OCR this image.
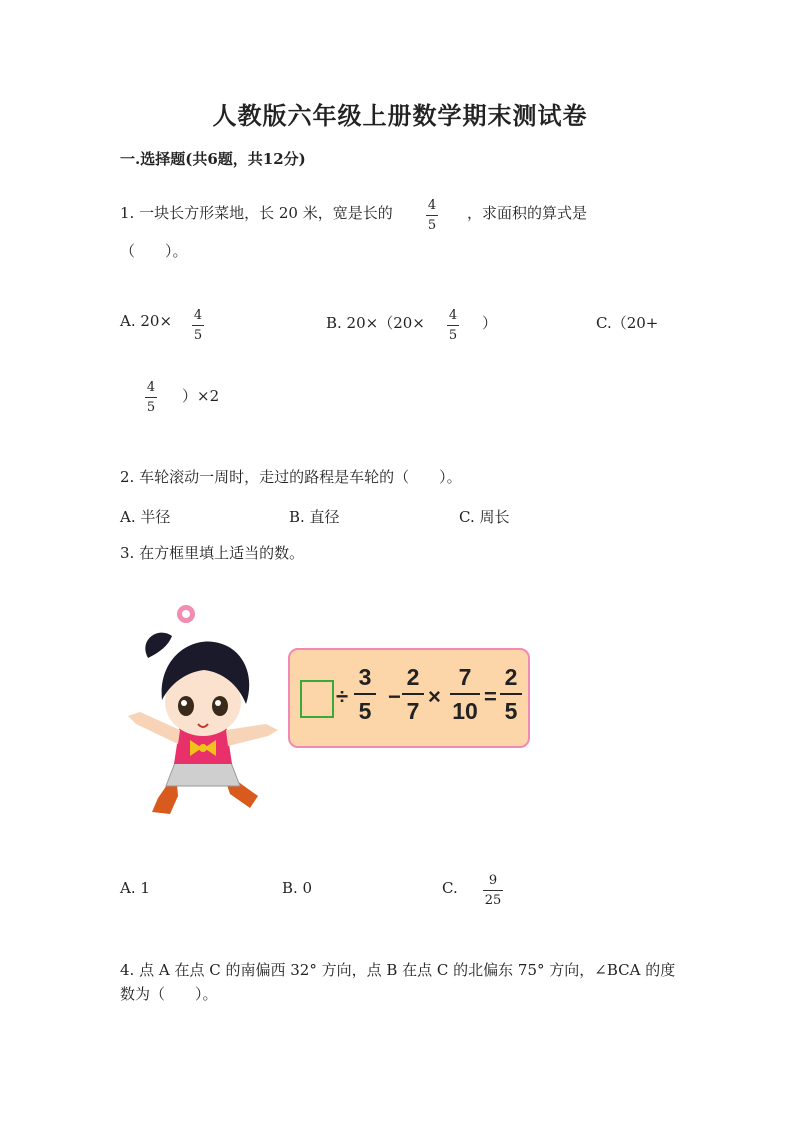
人教版六年级上册数学期末测试卷
一.选择题(共6题，共12分)
1. 一块长方形菜地，长 20 米，宽是长的	4
5
，求面积的算式是
（　　）。
A. 20× 4
5
B. 20×（20× 4
5
）	C.（20+
4
5
）×2
2. 车轮滚动一周时，走过的路程是车轮的（　　）。
A. 半径	B. 直径	C. 周长
3. 在方框里填上适当的数。
÷
3
5
−
2
7
×
7
10
=
2
5
A. 1	B. 0	C. 9
25
4. 点 A 在点 C 的南偏西 32° 方向，点 B 在点 C 的北偏东 75° 方向，∠BCA 的度
数为（　　）。
